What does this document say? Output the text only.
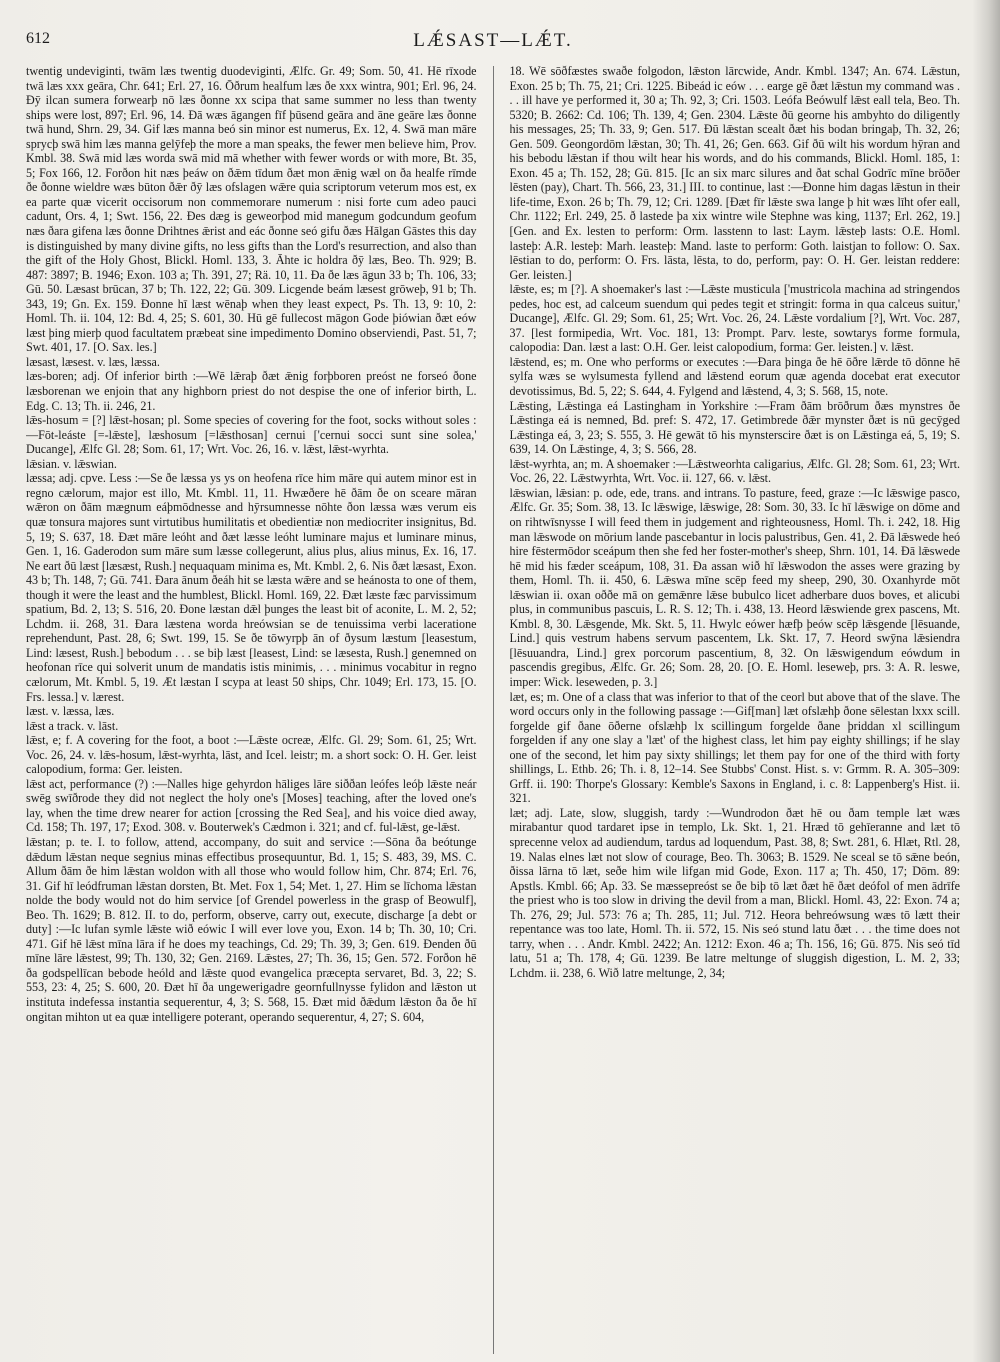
612	LǼSAST—LǼT.

twentig undeviginti, twām læs twentig duodeviginti, Ælfc. Gr. 49; Som. 50, 41. Hē rīxode twā læs xxx geāra, Chr. 641; Erl. 27, 16. Ōðrum healfum læs ðe xxx wintra, 901; Erl. 96, 24. Ðȳ ilcan sumera forwearþ nō læs ðonne xx scipa that same summer no less than twenty ships were lost, 897; Erl. 96, 14. Ðā wæs āgangen fīf þūsend geāra and āne geāre læs ðonne twā hund, Shrn. 29, 34. Gif læs manna beó sin minor est numerus, Ex. 12, 4. Swā man māre sprycþ swā him læs manna gelȳfeþ the more a man speaks, the fewer men believe him, Prov. Kmbl. 38. Swā mid læs worda swā mid mā whether with fewer words or with more, Bt. 35, 5; Fox 166, 12. Forðon hit næs þeáw on ðǣm tīdum ðæt mon ǣnig wæl on ða healfe rīmde ðe ðonne wieldre wæs būton ðǣr ðȳ læs ofslagen wǣre quia scriptorum veterum mos est, ex ea parte quæ vicerit occisorum non commemorare numerum : nisi forte cum adeo pauci cadunt, Ors. 4, 1; Swt. 156, 22. Ðes dæg is geweorþod mid manegum godcundum geofum næs ðara gifena læs ðonne Drihtnes ǣrist and eác ðonne seó gifu ðæs Hālgan Gāstes this day is distinguished by many divine gifts, no less gifts than the Lord's resurrection, and also than the gift of the Holy Ghost, Blickl. Homl. 133, 3. Āhte ic holdra ðȳ læs, Beo. Th. 929; B. 487: 3897; B. 1946; Exon. 103 a; Th. 391, 27; Rä. 10, 11. Ða ðe læs āgun 33 b; Th. 106, 33; Gū. 50. Læsast brūcan, 37 b; Th. 122, 22; Gū. 309. Licgende beám læsest grōweþ, 91 b; Th. 343, 19; Gn. Ex. 159. Ðonne hī læst wēnaþ when they least expect, Ps. Th. 13, 9: 10, 2: Homl. Th. ii. 104, 12: Bd. 4, 25; S. 601, 30. Hū gē fullecost māgon Gode þiówian ðæt eów læst þing mierþ quod facultatem præbeat sine impedimento Domino observiendi, Past. 51, 7; Swt. 401, 17. [O. Sax. les.]

læsast, læsest. v. læs, læssa.

læs-boren; adj. Of inferior birth :—Wē lǣraþ ðæt ǣnig forþboren preóst ne forseó ðone læsborenan we enjoin that any highborn priest do not despise the one of inferior birth, L. Edg. C. 13; Th. ii. 246, 21.

lǣs-hosum = [?] lǣst-hosan; pl. Some species of covering for the foot, socks without soles :—Fōt-leáste [=-lǣste], læshosum [=lǣsthosan] cernui ['cernui socci sunt sine solea,' Ducange], Ælfc Gl. 28; Som. 61, 17; Wrt. Voc. 26, 16. v. lǣst, lǣst-wyrhta.

lǣsian. v. lǣswian.

læssa; adj. cpve. Less :—Se ðe læssa ys ys on heofena rīce him māre qui autem minor est in regno cælorum, major est illo, Mt. Kmbl. 11, 11. Hwæðere hē ðām ðe on sceare māran wǣron on ðām mægnum eáþmōdnesse and hȳrsumnesse nōhte ðon læssa wæs verum eis quæ tonsura majores sunt virtutibus humilitatis et obedientiæ non mediocriter insignitus, Bd. 5, 19; S. 637, 18. Ðæt māre leóht and ðæt læsse leóht luminare majus et luminare minus, Gen. 1, 16. Gaderodon sum māre sum læsse collegerunt, alius plus, alius minus, Ex. 16, 17. Ne eart ðū læst [læsæst, Rush.] nequaquam minima es, Mt. Kmbl. 2, 6. Nis ðæt læsast, Exon. 43 b; Th. 148, 7; Gū. 741. Ðara ānum ðeáh hit se læsta wǣre and se heánosta to one of them, though it were the least and the humblest, Blickl. Homl. 169, 22. Ðæt læste fæc parvissimum spatium, Bd. 2, 13; S. 516, 20. Ðone læstan dǣl þunges the least bit of aconite, L. M. 2, 52; Lchdm. ii. 268, 31. Ðara læstena worda hreówsian se de tenuissima verbi laceratione reprehendunt, Past. 28, 6; Swt. 199, 15. Se ðe tōwyrpþ ān of ðysum læstum [leasestum, Lind: læsest, Rush.] bebodum . . . se biþ læst [leasest, Lind: se læsesta, Rush.] genemned on heofonan rīce qui solverit unum de mandatis istis minimis, . . . minimus vocabitur in regno cælorum, Mt. Kmbl. 5, 19. Æt læstan I scypa at least 50 ships, Chr. 1049; Erl. 173, 15. [O. Frs. lessa.] v. lærest.

læst. v. læssa, læs.

lǣst a track. v. lāst.

lǣst, e; f. A covering for the foot, a boot :—Lǣste ocreæ, Ælfc. Gl. 29; Som. 61, 25; Wrt. Voc. 26, 24. v. lǣs-hosum, lǣst-wyrhta, lāst, and Icel. leistr; m. a short sock: O. H. Ger. leist calopodium, forma: Ger. leisten.

lǣst act, performance (?) :—Nalles hige gehyrdon hāliges lāre siððan leófes leóþ lǣste neár swēg swīðrode they did not neglect the holy one's [Moses] teaching, after the loved one's lay, when the time drew nearer for action [crossing the Red Sea], and his voice died away, Cd. 158; Th. 197, 17; Exod. 308. v. Bouterwek's Cædmon i. 321; and cf. ful-lǣst, ge-lǣst.

lǣstan; p. te. I. to follow, attend, accompany, do suit and service :—Sōna ða beótunge dǣdum lǣstan neque segnius minas effectibus prosequuntur, Bd. 1, 15; S. 483, 39, MS. C. Allum ðām ðe him lǣstan woldon with all those who would follow him, Chr. 874; Erl. 76, 31. Gif hī leódfruman lǣstan dorsten, Bt. Met. Fox 1, 54; Met. 1, 27. Him se līchoma lǣstan nolde the body would not do him service [of Grendel powerless in the grasp of Beowulf], Beo. Th. 1629; B. 812. II. to do, perform, observe, carry out, execute, discharge [a debt or duty] :—Ic lufan symle lǣste wið eówic I will ever love you, Exon. 14 b; Th. 30, 10; Cri. 471. Gif hē lǣst mīna lāra if he does my teachings, Cd. 29; Th. 39, 3; Gen. 619. Ðenden ðū mīne lāre lǣstest, 99; Th. 130, 32; Gen. 2169. Lǣstes, 27; Th. 36, 15; Gen. 572. Forðon hē ða godspellīcan bebode heóld and lǣste quod evangelica præcepta servaret, Bd. 3, 22; S. 553, 23: 4, 25; S. 600, 20. Ðæt hī ða ungewerigadre geornfullnysse fylidon and lǣston ut instituta indefessa instantia sequerentur, 4, 3; S. 568, 15. Ðæt mid ðǣdum lǣston ða ðe hī ongitan mihton ut ea quæ intelligere poterant, operando sequerentur, 4, 27; S. 604,

18. Wē sōðfæstes swaðe folgodon, lǣston lārcwide, Andr. Kmbl. 1347; An. 674. Lǣstun, Exon. 25 b; Th. 75, 21; Cri. 1225. Bibeád ic eów . . . earge gē ðæt lǣstun my command was . . . ill have ye performed it, 30 a; Th. 92, 3; Cri. 1503. Leófa Beówulf lǣst eall tela, Beo. Th. 5320; B. 2662: Cd. 106; Th. 139, 4; Gen. 2304. Lǣste ðū georne his ambyhto do diligently his messages, 25; Th. 33, 9; Gen. 517. Ðū lǣstan scealt ðæt his bodan bringaþ, Th. 32, 26; Gen. 509. Geongordōm lǣstan, 30; Th. 41, 26; Gen. 663. Gif ðū wilt his wordum hȳran and his bebodu lǣstan if thou wilt hear his words, and do his commands, Blickl. Homl. 185, 1: Exon. 45 a; Th. 152, 28; Gū. 815. [Ic an six marc silures and ðat schal Godrīc mīne brōðer lēsten (pay), Chart. Th. 566, 23, 31.] III. to continue, last :—Ðonne him dagas lǣstun in their life-time, Exon. 26 b; Th. 79, 12; Cri. 1289. [Ðæt fīr lǣste swa lange þ hit wæs līht ofer eall, Chr. 1122; Erl. 249, 25. ð lastede þa xix wintre wile Stephne was king, 1137; Erl. 262, 19.] [Gen. and Ex. lesten to perform: Orm. lasstenn to last: Laym. lǣsteþ lasts: O.E. Homl. lasteþ: A.R. lesteþ: Marh. leasteþ: Mand. laste to perform: Goth. laistjan to follow: O. Sax. lēstian to do, perform: O. Frs. lāsta, lēsta, to do, perform, pay: O. H. Ger. leistan reddere: Ger. leisten.]

lǣste, es; m [?]. A shoemaker's last :—Lǣste musticula ['mustricola machina ad stringendos pedes, hoc est, ad calceum suendum qui pedes tegit et stringit: forma in qua calceus suitur,' Ducange], Ælfc. Gl. 29; Som. 61, 25; Wrt. Voc. 26, 24. Lǣste vordalium [?], Wrt. Voc. 287, 37. [lest formipedia, Wrt. Voc. 181, 13: Prompt. Parv. leste, sowtarys forme formula, calopodia: Dan. læst a last: O.H. Ger. leist calopodium, forma: Ger. leisten.] v. lǣst.

lǣstend, es; m. One who performs or executes :—Ðara þinga ðe hē ōðre lǣrde tō dōnne hē sylfa wæs se wylsumesta fyllend and lǣstend eorum quæ agenda docebat erat executor devotissimus, Bd. 5, 22; S. 644, 4. Fylgend and lǣstend, 4, 3; S. 568, 15, note.

Lǣsting, Lǣstinga eá Lastingham in Yorkshire :—Fram ðām brōðrum ðæs mynstres ðe Lǣstinga eá is nemned, Bd. pref: S. 472, 17. Getimbrede ðǣr mynster ðæt is nū gecȳged Lǣstinga eá, 3, 23; S. 555, 3. Hē gewāt tō his mynsterscire ðæt is on Lǣstinga eá, 5, 19; S. 639, 14. On Lǣstinge, 4, 3; S. 566, 28.

lǣst-wyrhta, an; m. A shoemaker :—Lǣstweorhta caligarius, Ælfc. Gl. 28; Som. 61, 23; Wrt. Voc. 26, 22. Lǣstwyrhta, Wrt. Voc. ii. 127, 66. v. lǣst.

lǣswian, lǣsian: p. ode, ede, trans. and intrans. To pasture, feed, graze :—Ic lǣswige pasco, Ælfc. Gr. 35; Som. 38, 13. Ic lǣswige, lǣswige, 28: Som. 30, 33. Ic hī lǣswige on dōme and on rihtwīsnysse I will feed them in judgement and righteousness, Homl. Th. i. 242, 18. Hig man lǣswode on mōrium lande pascebantur in locis palustribus, Gen. 41, 2. Ðā lǣswede heó hire fēstermōdor sceápum then she fed her foster-mother's sheep, Shrn. 101, 14. Ðā lǣswede hē mid his fæder sceápum, 108, 31. Ða assan wið hī lǣswodon the asses were grazing by them, Homl. Th. ii. 450, 6. Lǣswa mīne scēp feed my sheep, 290, 30. Oxanhyrde mōt lǣswian ii. oxan oððe mā on gemǣnre lǣse bubulco licet adherbare duos boves, et alicubi plus, in communibus pascuis, L. R. S. 12; Th. i. 438, 13. Heord lǣswiende grex pascens, Mt. Kmbl. 8, 30. Lǣsgende, Mk. Skt. 5, 11. Hwylc eówer hæfþ þeów scēp lǣsgende [lēsuande, Lind.] quis vestrum habens servum pascentem, Lk. Skt. 17, 7. Heord swȳna lǣsiendra [lēsuuandra, Lind.] grex porcorum pascentium, 8, 32. On lǣswigendum eówdum in pascendis gregibus, Ælfc. Gr. 26; Som. 28, 20. [O. E. Homl. leseweþ, prs. 3: A. R. leswe, imper: Wick. leseweden, p. 3.]

læt, es; m. One of a class that was inferior to that of the ceorl but above that of the slave. The word occurs only in the following passage :—Gif[man] læt ofslæhþ ðone sēlestan lxxx scill. forgelde gif ðane ōðerne ofslæhþ lx scillingum forgelde ðane þriddan xl scillingum forgelden if any one slay a 'læt' of the highest class, let him pay eighty shillings; if he slay one of the second, let him pay sixty shillings; let them pay for one of the third with forty shillings, L. Ethb. 26; Th. i. 8, 12–14. See Stubbs' Const. Hist. s. v: Grmm. R. A. 305–309: Grff. ii. 190: Thorpe's Glossary: Kemble's Saxons in England, i. c. 8: Lappenberg's Hist. ii. 321.

læt; adj. Late, slow, sluggish, tardy :—Wundrodon ðæt hē ou ðam temple læt wæs mirabantur quod tardaret ipse in templo, Lk. Skt. 1, 21. Hræd tō gehīeranne and læt tō sprecenne velox ad audiendum, tardus ad loquendum, Past. 38, 8; Swt. 281, 6. Hlæt, Rtl. 28, 19. Nalas elnes læt not slow of courage, Beo. Th. 3063; B. 1529. Ne sceal se tō sǣne beón, ðissa lārna tō læt, seðe him wile lifgan mid Gode, Exon. 117 a; Th. 450, 17; Dōm. 89: Apstls. Kmbl. 66; Ap. 33. Se mæssepreóst se ðe biþ tō læt ðæt hē ðæt deófol of men ādrīfe the priest who is too slow in driving the devil from a man, Blickl. Homl. 43, 22: Exon. 74 a; Th. 276, 29; Jul. 573: 76 a; Th. 285, 11; Jul. 712. Heora behreówsung wæs tō lætt their repentance was too late, Homl. Th. ii. 572, 15. Nis seó stund latu ðæt . . . the time does not tarry, when . . . Andr. Kmbl. 2422; An. 1212: Exon. 46 a; Th. 156, 16; Gū. 875. Nis seó tīd latu, 51 a; Th. 178, 4; Gū. 1239. Be latre meltunge of sluggish digestion, L. M. 2, 33; Lchdm. ii. 238, 6. Wið latre meltunge, 2, 34;
